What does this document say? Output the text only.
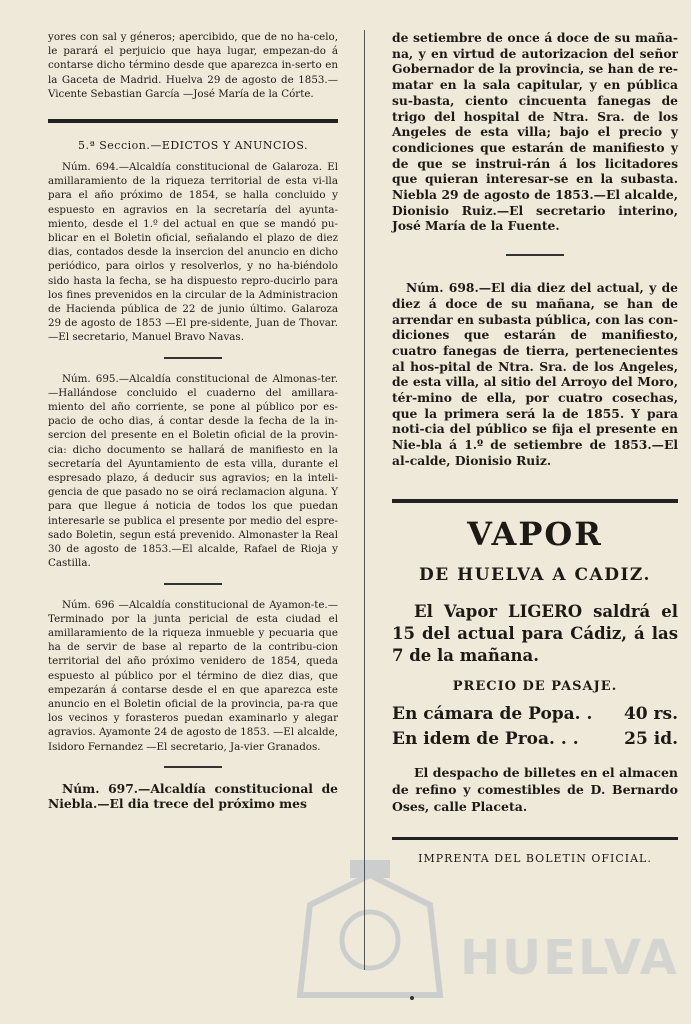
yores con sal y géneros; apercibido, que de no ha-celo, le parará el perjuicio que haya lugar, empezan-do á contarse dicho término desde que aparezca in-serto en la Gaceta de Madrid. Huelva 29 de agosto de 1853.—Vicente Sebastian García —José María de la Córte.

5.ª Seccion.—EDICTOS Y ANUNCIOS.

Núm. 694.—Alcaldía constitucional de Galaroza. El amillaramiento de la riqueza territorial de esta vi-lla para el año próximo de 1854, se halla concluido y espuesto en agravios en la secretaría del ayunta-miento, desde el 1.º del actual en que se mandó pu-blicar en el Boletin oficial, señalando el plazo de diez dias, contados desde la insercion del anuncio en dicho periódico, para oirlos y resolverlos, y no ha-biéndolo sido hasta la fecha, se ha dispuesto repro-ducirlo para los fines prevenidos en la circular de la Administracion de Hacienda pública de 22 de junio último. Galaroza 29 de agosto de 1853 —El pre-sidente, Juan de Thovar.—El secretario, Manuel Bravo Navas.

Núm. 695.—Alcaldía constitucional de Almonas-ter.—Hallándose concluido el cuaderno del amillara-miento del año corriente, se pone al público por es-pacio de ocho dias, á contar desde la fecha de la in-sercion del presente en el Boletin oficial de la provin-cia: dicho documento se hallará de manifiesto en la secretaría del Ayuntamiento de esta villa, durante el espresado plazo, á deducir sus agravios; en la inteli-gencia de que pasado no se oirá reclamacion alguna. Y para que llegue á noticia de todos los que puedan interesarle se publica el presente por medio del espre-sado Boletin, segun está prevenido. Almonaster la Real 30 de agosto de 1853.—El alcalde, Rafael de Rioja y Castilla.

Núm. 696 —Alcaldía constitucional de Ayamon-te.—Terminado por la junta pericial de esta ciudad el amillaramiento de la riqueza inmueble y pecuaria que ha de servir de base al reparto de la contribu-cion territorial del año próximo venidero de 1854, queda espuesto al público por el término de diez dias, que empezarán á contarse desde el en que aparezca este anuncio en el Boletin oficial de la provincia, pa-ra que los vecinos y forasteros puedan examinarlo y alegar agravios. Ayamonte 24 de agosto de 1853. —El alcalde, Isidoro Fernandez —El secretario, Ja-vier Granados.

Núm. 697.—Alcaldía constitucional de Niebla.—El dia trece del próximo mes

de setiembre de once á doce de su maña-na, y en virtud de autorizacion del señor Gobernador de la provincia, se han de re-matar en la sala capitular, y en pública su-basta, ciento cincuenta fanegas de trigo del hospital de Ntra. Sra. de los Angeles de esta villa; bajo el precio y condiciones que estarán de manifiesto y de que se instrui-rán á los licitadores que quieran interesar-se en la subasta. Niebla 29 de agosto de 1853.—El alcalde, Dionisio Ruiz.—El secretario interino, José María de la Fuente.

Núm. 698.—El dia diez del actual, y de diez á doce de su mañana, se han de arrendar en subasta pública, con las con-diciones que estarán de manifiesto, cuatro fanegas de tierra, pertenecientes al hos-pital de Ntra. Sra. de los Angeles, de esta villa, al sitio del Arroyo del Moro, tér-mino de ella, por cuatro cosechas, que la primera será la de 1855. Y para noti-cia del público se fija el presente en Nie-bla á 1.º de setiembre de 1853.—El al-calde, Dionisio Ruiz.

VAPOR

DE HUELVA A CADIZ.

El Vapor LIGERO saldrá el 15 del actual para Cádiz, á las 7 de la mañana.

PRECIO DE PASAJE.

En cámara de Popa. . 40 rs.
En idem de Proa. . .	25 id.

El despacho de billetes en el almacen de refino y comestibles de D. Bernardo Oses, calle Placeta.

IMPRENTA DEL BOLETIN OFICIAL.

HUELVA
